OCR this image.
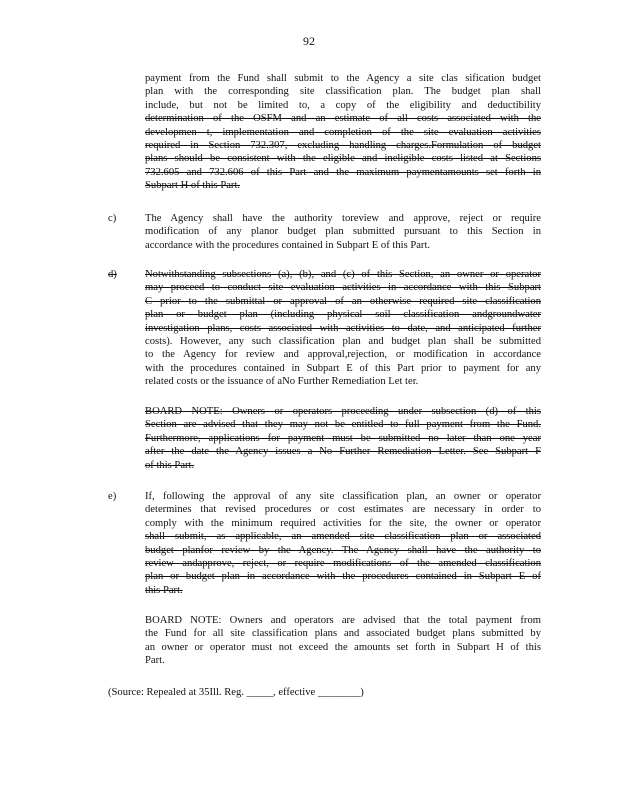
92
payment from the Fund shall submit to the Agency a site clas sification budget
plan with the corresponding site classification plan. The budget plan shall
include, but not be limited to, a copy of the eligibility and deductibility
determination of the OSFM and an estimate of all costs associated with the
developmen t, implementation and completion of the site evaluation activities
required in Section 732.307, excluding handling charges.Formulation of budget
plans should be consistent with the eligible and ineligible costs listed at Sections
732.605 and 732.606 of this Part and the maximum paymentamounts set forth in
Subpart H of this Part.
c)	The Agency shall have the authority toreview and approve, reject or require
modification of any planor budget plan submitted pursuant to this Section in
accordance with the procedures contained in Subpart E of this Part.
d)	Notwithstanding subsections (a), (b), and (c) of this Section, an owner or operator
may proceed to conduct site evaluation activities in accordance with this Subpart
C prior to the submittal or approval of an otherwise required site classification
plan or budget plan (including physical soil classification andgroundwater
investigation plans, costs associated with activities to date, and anticipated further
costs). However, any such classification plan and budget plan shall be submitted
to the Agency for review and approval,rejection, or modification in accordance
with the procedures contained in Subpart E of this Part prior to payment for any
related costs or the issuance of aNo Further Remediation Let ter.
BOARD NOTE: Owners or operators proceeding under subsection (d) of this
Section are advised that they may not be entitled to full payment from the Fund.
Furthermore, applications for payment must be submitted no later than one year
after the date the Agency issues a No Further Remediation Letter. See Subpart F
of this Part.
e)	If, following the approval of any site classification plan, an owner or operator
determines that revised procedures or cost estimates are necessary in order to
comply with the minimum required activities for the site, the owner or operator
shall submit, as applicable, an amended site classification plan or associated
budget planfor review by the Agency. The Agency shall have the authority to
review andapprove, reject, or require modifications of the amended classification
plan or budget plan in accordance with the procedures contained in Subpart E of
this Part.
BOARD NOTE: Owners and operators are advised that the total payment from
the Fund for all site classification plans and associated budget plans submitted by
an owner or operator must not exceed the amounts set forth in Subpart H of this
Part.
(Source: Repealed at 35Ill. Reg. _____, effective ________)
